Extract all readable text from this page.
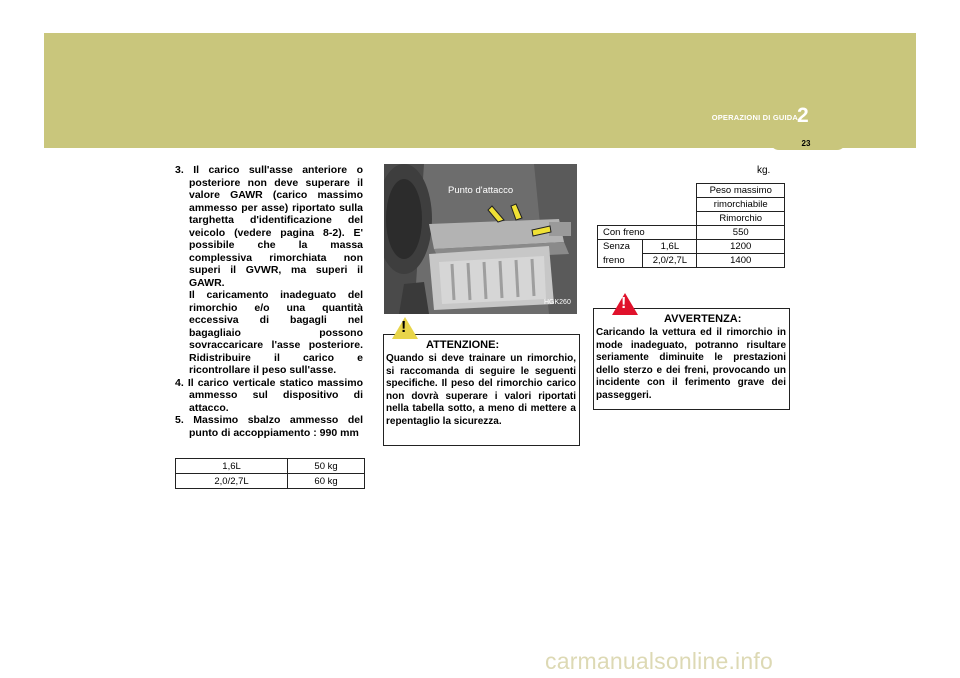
OPERAZIONI DI GUIDA 2
23
3. Il carico sull'asse anteriore o posteriore non deve superare il valore GAWR (carico massimo ammesso per asse) riportato sulla targhetta d'identificazione del veicolo (vedere pagina 8-2). E' possibile che la massa complessiva rimorchiata non superi il GVWR, ma superi il GAWR.
Il caricamento inadeguato del rimorchio e/o una quantità eccessiva di bagagli nel bagagliaio possono sovraccaricare l'asse posteriore. Ridistribuire il carico e ricontrollare il peso sull'asse.
4. Il carico verticale statico massimo ammesso sul dispositivo di attacco.
5. Massimo sbalzo ammesso del punto di accoppiamento : 990 mm
1,6L	50 kg
2,0/2,7L	60 kg
Punto d'attacco
HGK260
!
ATTENZIONE:
Quando si deve trainare un rimorchio, si raccomanda di seguire le seguenti specifiche. Il peso del rimorchio carico non dovrà superare i valori riportati nella tabella sotto, a meno di mettere a repentaglio la sicurezza.
kg.
		Peso massimo
		rimorchiabile
		Rimorchio
Con freno		550
Senza	1,6L	1200
freno	2,0/2,7L	1400
!
AVVERTENZA:
Caricando la vettura ed il rimorchio in mode inadeguato, potranno risultare seriamente diminuite le prestazioni dello sterzo e dei freni, provocando un incidente con il ferimento grave dei passeggeri.
carmanualsonline.info
